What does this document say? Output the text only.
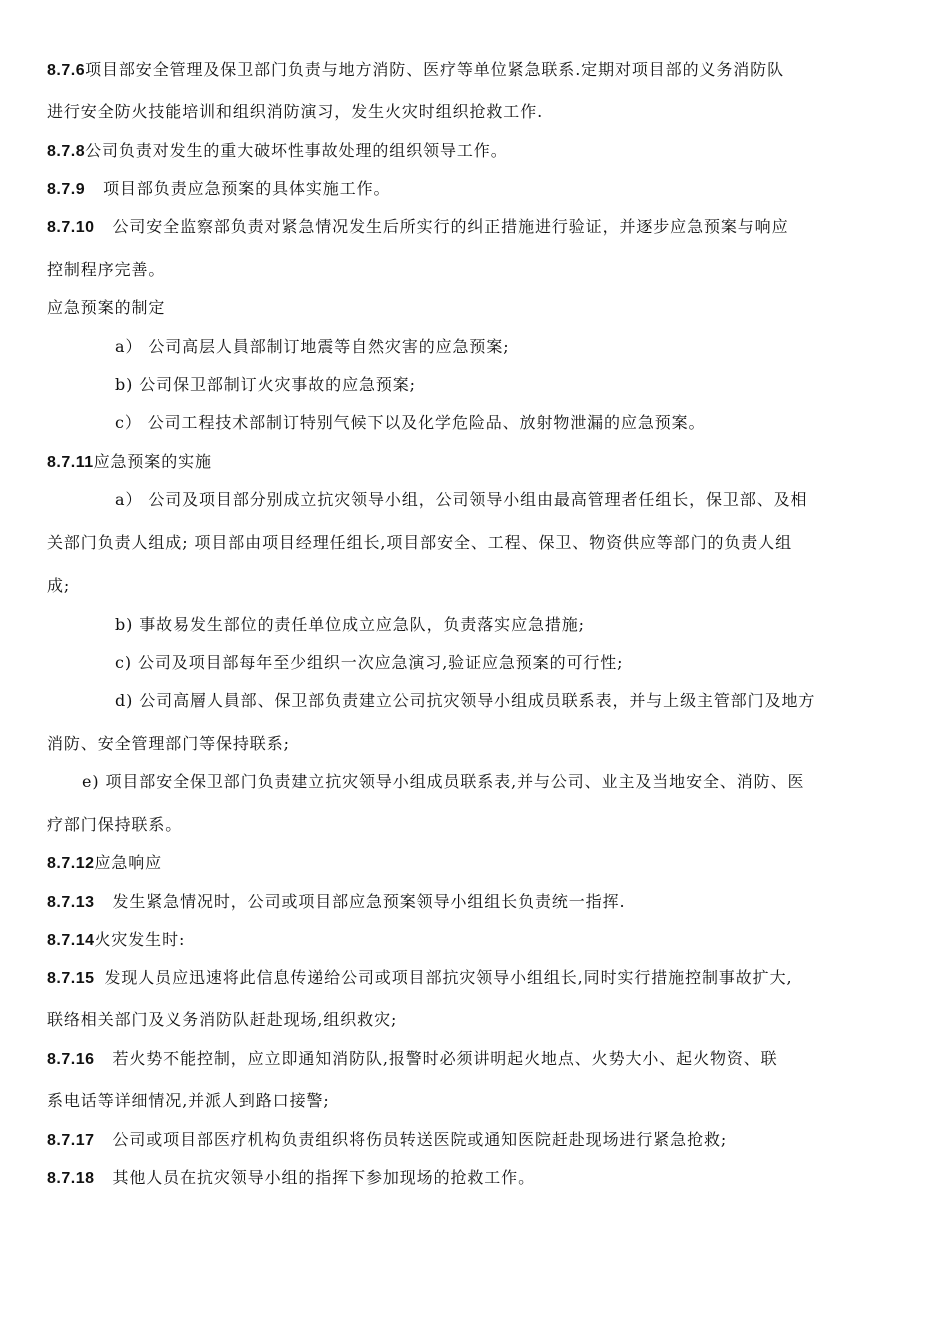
8.7.6项目部安全管理及保卫部门负责与地方消防、医疗等单位紧急联系.定期对项目部的义务消防队
进行安全防火技能培训和组织消防演习，发生火灾时组织抢救工作.
8.7.8公司负责对发生的重大破坏性事故处理的组织领导工作。
8.7.9 项目部负责应急预案的具体实施工作。
8.7.10 公司安全监察部负责对紧急情况发生后所实行的纠正措施进行验证，并逐步应急预案与响应
控制程序完善。
应急预案的制定
a） 公司高层人員部制订地震等自然灾害的应急预案;
b) 公司保卫部制订火灾事故的应急预案;
c） 公司工程技术部制订特别气候下以及化学危险品、放射物泄漏的应急预案。
8.7.11应急预案的实施
a） 公司及项目部分别成立抗灾领导小组，公司领导小组由最高管理者任组长，保卫部、及相
关部门负责人组成; 项目部由项目经理任组长,项目部安全、工程、保卫、物资供应等部门的负责人组
成;
b) 事故易发生部位的责任单位成立应急队，负责落实应急措施;
c) 公司及项目部每年至少组织一次应急演习,验证应急预案的可行性;
d) 公司高層人員部、保卫部负责建立公司抗灾领导小组成员联系表，并与上级主管部门及地方
消防、安全管理部门等保持联系;
e) 项目部安全保卫部门负责建立抗灾领导小组成员联系表,并与公司、业主及当地安全、消防、医
疗部门保持联系。
8.7.12应急响应
8.7.13 发生紧急情况时，公司或项目部应急预案领导小组组长负责统一指挥.
8.7.14火灾发生时:
8.7.15 发现人员应迅速将此信息传递给公司或项目部抗灾领导小组组长,同时实行措施控制事故扩大,
联络相关部门及义务消防队赶赴现场,组织救灾;
8.7.16 若火势不能控制，应立即通知消防队,报警时必须讲明起火地点、火势大小、起火物资、联
系电话等详细情况,并派人到路口接警;
8.7.17 公司或项目部医疗机构负责组织将伤员转送医院或通知医院赶赴现场进行紧急抢救;
8.7.18 其他人员在抗灾领导小组的指挥下参加现场的抢救工作。
